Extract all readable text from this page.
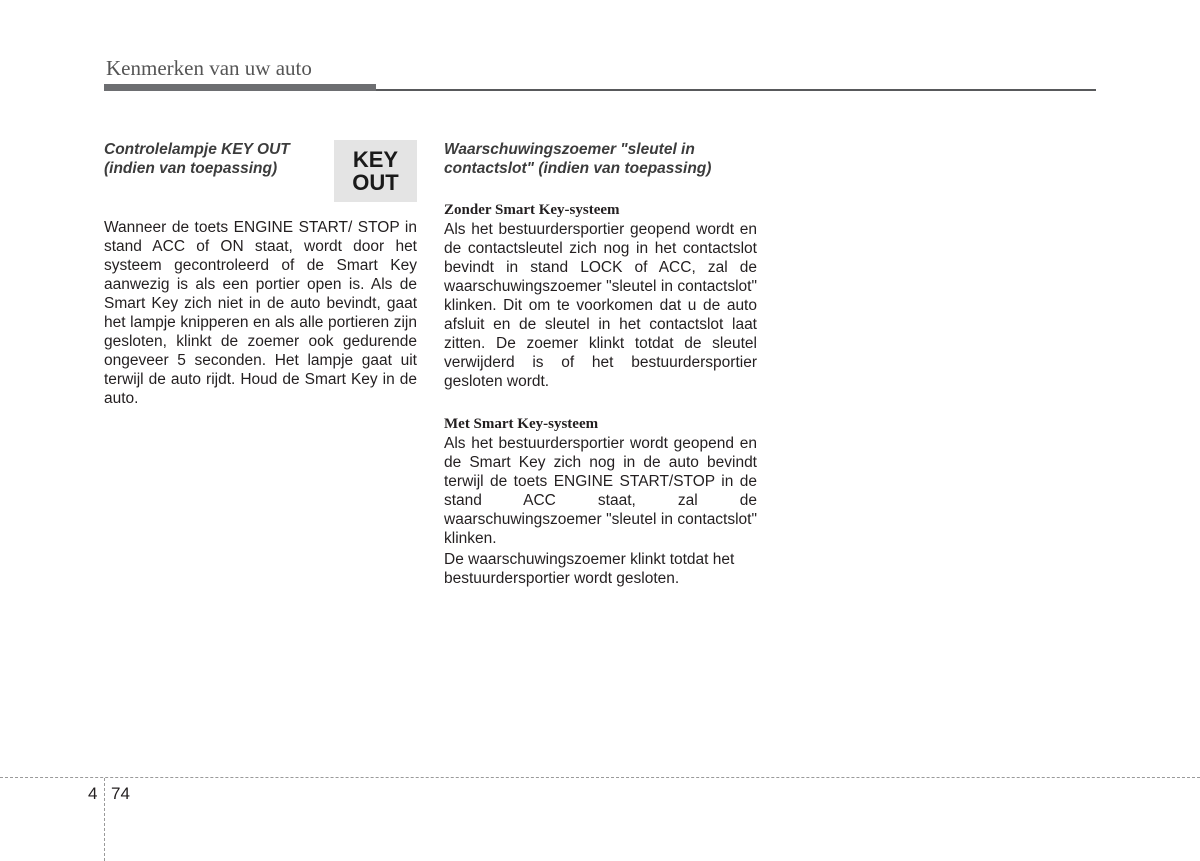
Kenmerken van uw auto

Controlelampje KEY OUT
(indien van toepassing)	KEY
OUT

Wanneer de toets ENGINE START/ STOP in stand ACC of ON staat, wordt door het systeem gecontroleerd of de Smart Key aanwezig is als een portier open is. Als de Smart Key zich niet in de auto bevindt, gaat het lampje knipperen en als alle portieren zijn gesloten, klinkt de zoemer ook gedurende ongeveer 5 seconden. Het lampje gaat uit terwijl de auto rijdt. Houd de Smart Key in de auto.

Waarschuwingszoemer "sleutel in
contactslot" (indien van toepassing)

Zonder Smart Key-systeem

Als het bestuurdersportier geopend wordt en de contactsleutel zich nog in het contactslot bevindt in stand LOCK of ACC, zal de waarschuwingszoemer "sleutel in contactslot" klinken. Dit om te voorkomen dat u de auto afsluit en de sleutel in het contactslot laat zitten. De zoemer klinkt totdat de sleutel verwijderd is of het bestuurdersportier gesloten wordt.

Met Smart Key-systeem

Als het bestuurdersportier wordt geopend en de Smart Key zich nog in de auto bevindt terwijl de toets ENGINE START/STOP in de stand ACC staat, zal de waarschuwingszoemer "sleutel in contactslot" klinken.

De waarschuwingszoemer klinkt totdat het bestuurdersportier wordt gesloten.

4 74
